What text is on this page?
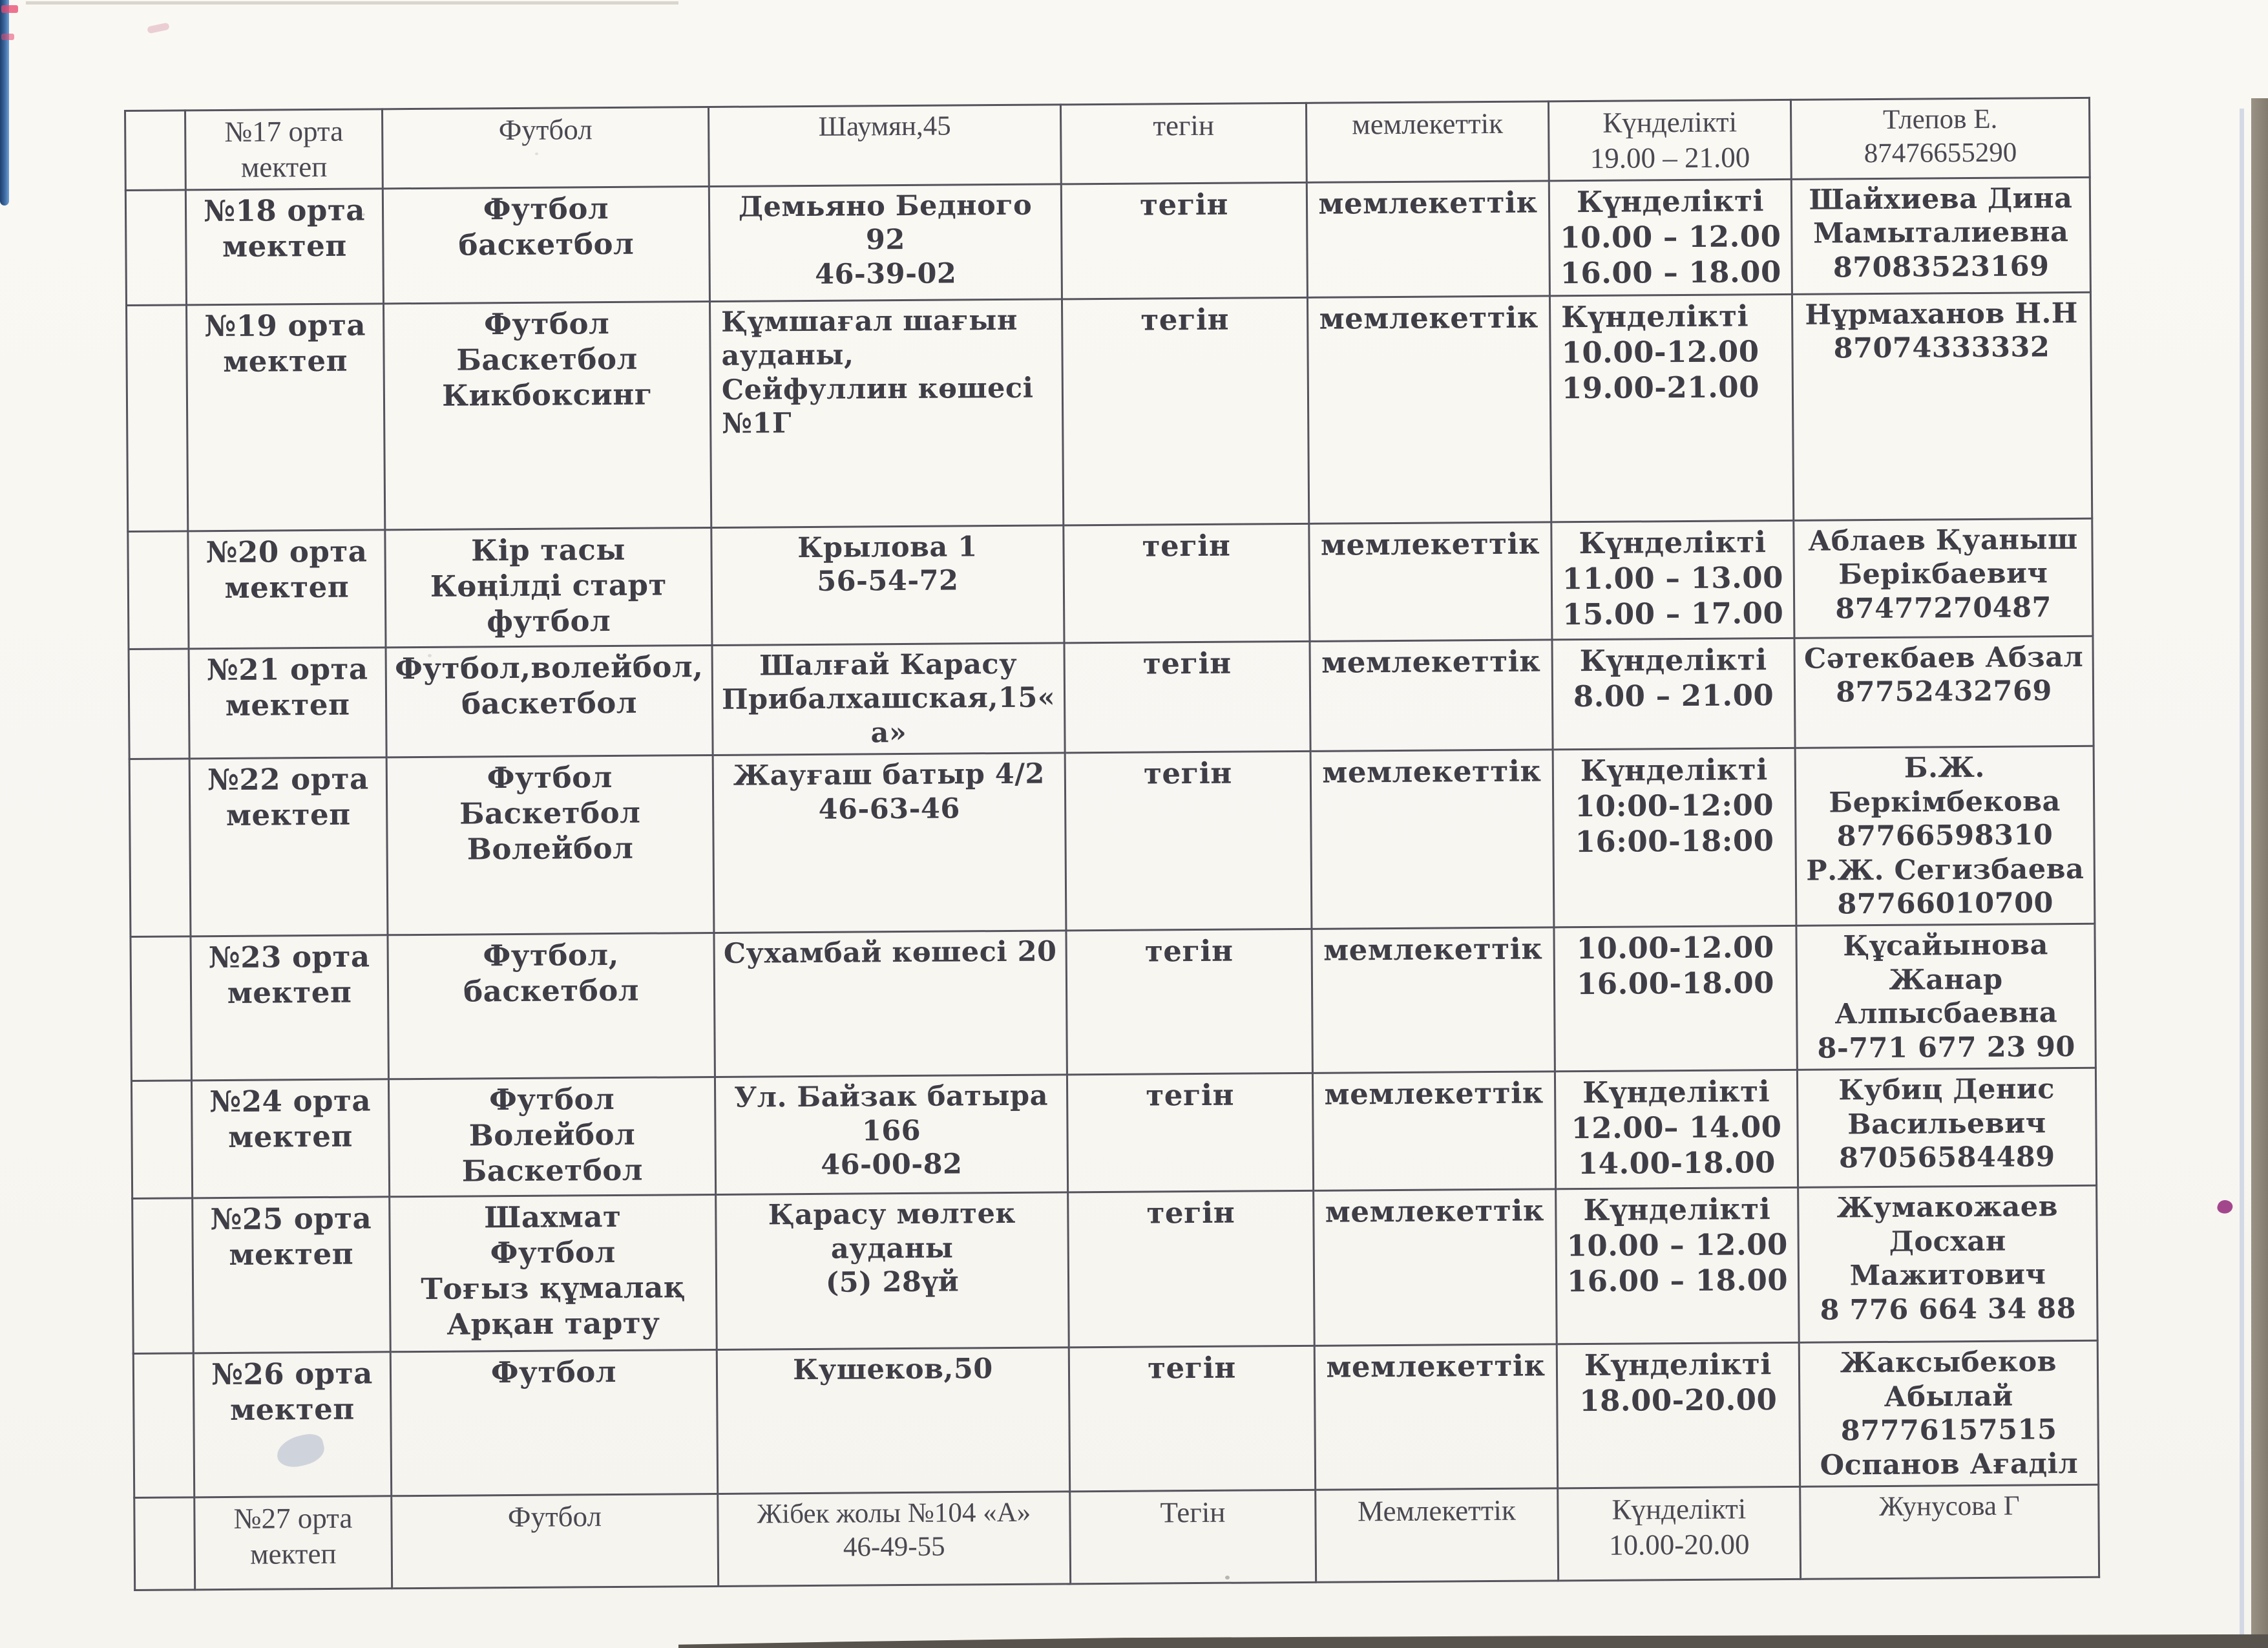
	№17 орта мектеп	Футбол	Шаумян,45	тегін	мемлекеттік	Күнделікті
19.00 – 21.00	Тлепов Е.
87476655290
	№18 орта мектеп	Футбол
баскетбол	Демьяно Бедного 92
46-39-02	тегін	мемлекеттік	Күнделікті
10.00 – 12.00
16.00 – 18.00	Шайхиева Дина
Мамыталиевна
87083523169
	№19 орта мектеп	Футбол
Баскетбол
Кикбоксинг	Құмшағал шағын
ауданы,
Сейфуллин көшесі
№1Г	тегін	мемлекеттік	Күнделікті
10.00-12.00
19.00-21.00	Нұрмаханов Н.Н
87074333332
	№20 орта мектеп	Кір тасы
Көңілді старт
футбол	Крылова 1
56-54-72	тегін	мемлекеттік	Күнделікті
11.00 – 13.00
15.00 – 17.00	Аблаев Қуаныш
Берікбаевич
87477270487
	№21 орта мектеп	Футбол,волейбол,
баскетбол	Шалғай Карасу
Прибалхашская,15«а»	тегін	мемлекеттік	Күнделікті
8.00 – 21.00	Сәтекбаев Абзал
87752432769
	№22 орта мектеп	Футбол
Баскетбол
Волейбол	Жауғаш батыр 4/2
46-63-46	тегін	мемлекеттік	Күнделікті
10:00-12:00
16:00-18:00	Б.Ж. Беркімбекова
87766598310
Р.Ж. Сегизбаева
87766010700
	№23 орта мектеп	Футбол, баскетбол	Сухамбай көшесі 20	тегін	мемлекеттік	10.00-12.00
16.00-18.00	Құсайынова Жанар
Алпысбаевна
8-771 677 23 90
	№24 орта мектеп	Футбол
Волейбол
Баскетбол	Ул. Байзак батыра 166
46-00-82	тегін	мемлекеттік	Күнделікті
12.00– 14.00
14.00-18.00	Кубиц Денис
Васильевич
87056584489
	№25 орта мектеп	Шахмат
Футбол
Тоғыз құмалақ
Арқан тарту	Қарасу мөлтек ауданы
(5) 28үй	тегін	мемлекеттік	Күнделікті
10.00 – 12.00
16.00 – 18.00	Жумакожаев
Досхан Мажитович
8 776 664 34 88
	№26 орта мектеп	Футбол	Кушеков,50	тегін	мемлекеттік	Күнделікті
18.00-20.00	Жаксыбеков
Абылай
87776157515
Оспанов Ағаділ
	№27 орта мектеп	Футбол	Жібек жолы №104 «А»
46-49-55	Тегін	Мемлекеттік	Күнделікті
10.00-20.00	Жунусова Г
